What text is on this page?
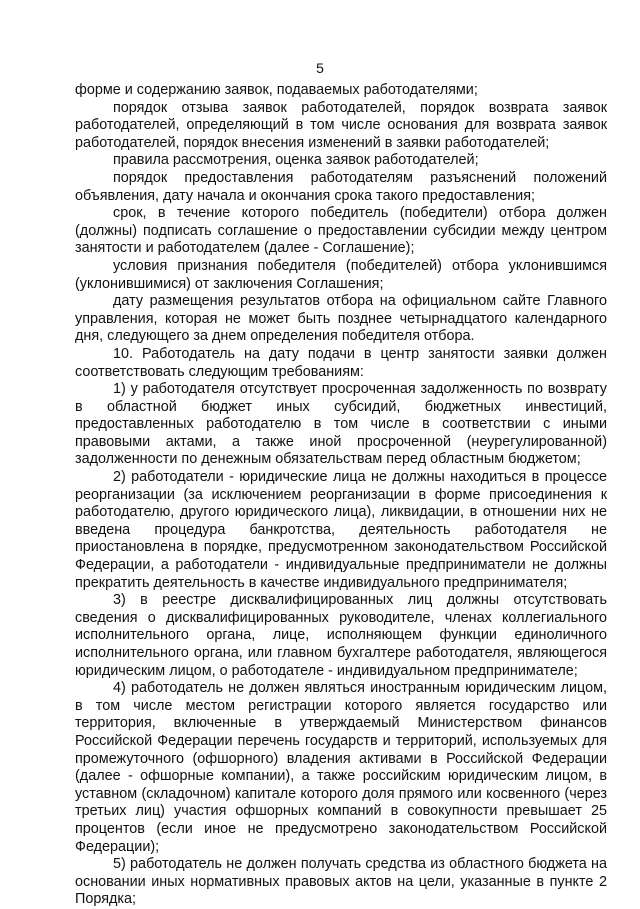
5

форме и содержанию заявок, подаваемых работодателями;

порядок отзыва заявок работодателей, порядок возврата заявок работодателей, определяющий в том числе основания для возврата заявок работодателей, порядок внесения изменений в заявки работодателей;

правила рассмотрения, оценка заявок работодателей;

порядок предоставления работодателям разъяснений положений объявления, дату начала и окончания срока такого предоставления;

срок, в течение которого победитель (победители) отбора должен (должны) подписать соглашение о предоставлении субсидии между центром занятости и работодателем (далее - Соглашение);

условия признания победителя (победителей) отбора уклонившимся (уклонившимися) от заключения Соглашения;

дату размещения результатов отбора на официальном сайте Главного управления, которая не может быть позднее четырнадцатого календарного дня, следующего за днем определения победителя отбора.

10. Работодатель на дату подачи в центр занятости заявки должен соответствовать следующим требованиям:

1) у работодателя отсутствует просроченная задолженность по возврату в областной бюджет иных субсидий, бюджетных инвестиций, предоставленных работодателю в том числе в соответствии с иными правовыми актами, а также иной просроченной (неурегулированной) задолженности по денежным обязательствам перед областным бюджетом;

2) работодатели - юридические лица не должны находиться в процессе реорганизации (за исключением реорганизации в форме присоединения к работодателю, другого юридического лица), ликвидации, в отношении них не введена процедура банкротства, деятельность работодателя не приостановлена в порядке, предусмотренном законодательством Российской Федерации, а работодатели - индивидуальные предприниматели не должны прекратить деятельность в качестве индивидуального предпринимателя;

3) в реестре дисквалифицированных лиц должны отсутствовать сведения о дисквалифицированных руководителе, членах коллегиального исполнительного органа, лице, исполняющем функции единоличного исполнительного органа, или главном бухгалтере работодателя, являющегося юридическим лицом, о работодателе - индивидуальном предпринимателе;

4) работодатель не должен являться иностранным юридическим лицом, в том числе местом регистрации которого является государство или территория, включенные в утверждаемый Министерством финансов Российской Федерации перечень государств и территорий, используемых для промежуточного (офшорного) владения активами в Российской Федерации (далее - офшорные компании), а также российским юридическим лицом, в уставном (складочном) капитале которого доля прямого или косвенного (через третьих лиц) участия офшорных компаний в совокупности превышает 25 процентов (если иное не предусмотрено законодательством Российской Федерации);

5) работодатель не должен получать средства из областного бюджета на основании иных нормативных правовых актов на цели, указанные в пункте 2 Порядка;
